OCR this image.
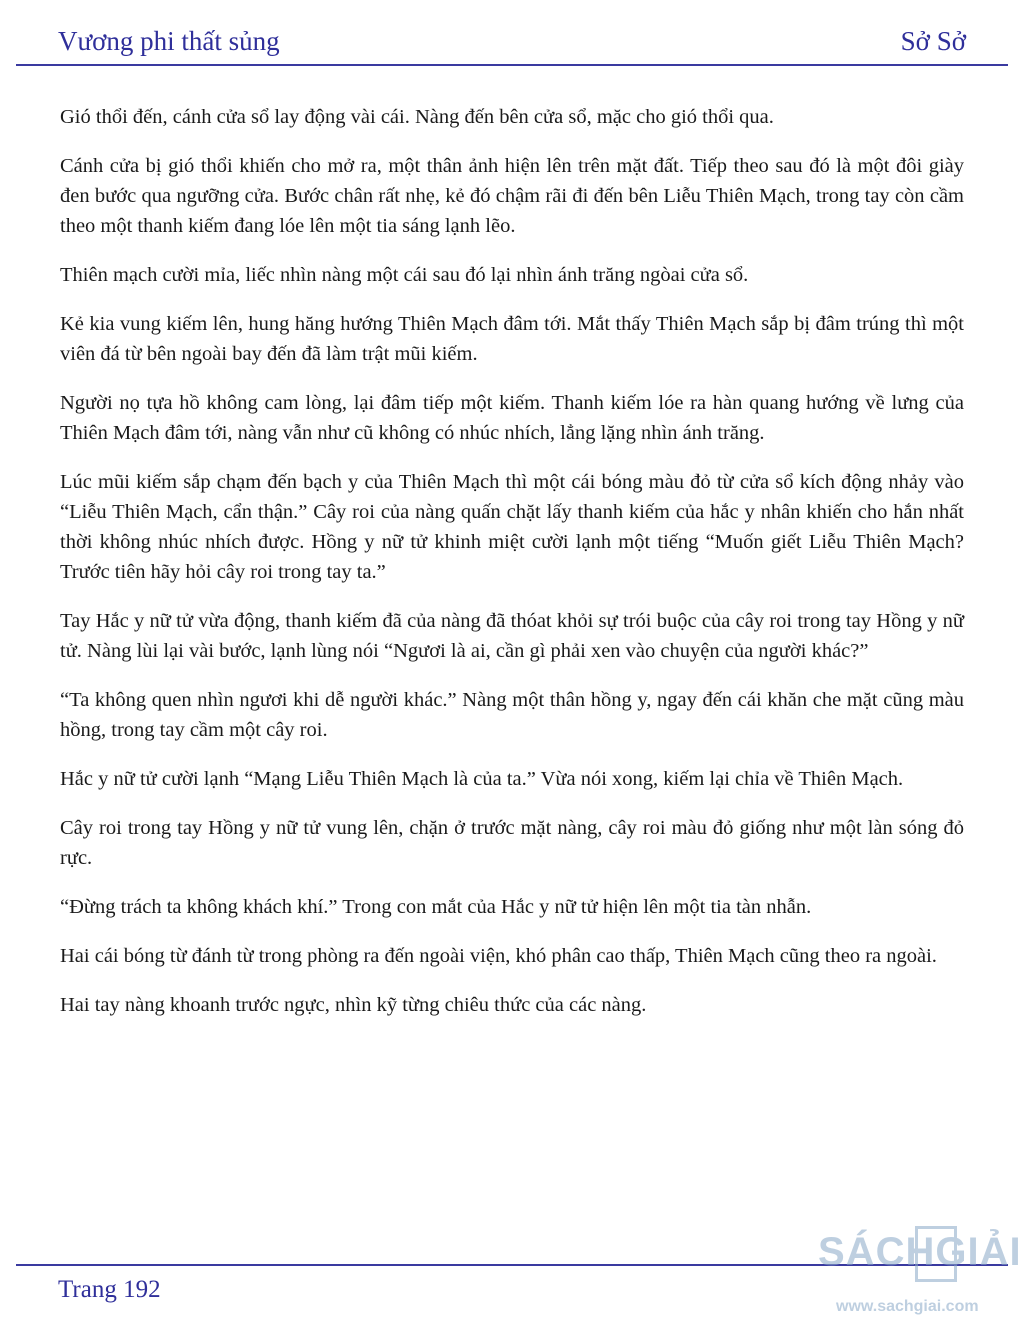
Vương phi thất sủng	Sở Sở

Gió thổi đến, cánh cửa sổ lay động vài cái. Nàng đến bên cửa sổ, mặc cho gió thổi qua.

Cánh cửa bị gió thổi khiến cho mở ra, một thân ảnh hiện lên trên mặt đất. Tiếp theo sau đó là một đôi giày đen bước qua ngưỡng cửa. Bước chân rất nhẹ, kẻ đó chậm rãi đi đến bên Liễu Thiên Mạch, trong tay còn cầm theo một thanh kiếm đang lóe lên một tia sáng lạnh lẽo.

Thiên mạch cười mỉa, liếc nhìn nàng một cái sau đó lại nhìn ánh trăng ngòai cửa sổ.

Kẻ kia vung kiếm lên, hung hăng hướng Thiên Mạch đâm tới. Mắt thấy Thiên Mạch sắp bị đâm trúng thì một viên đá từ bên ngoài bay đến đã làm trật mũi kiếm.

Người nọ tựa hồ không cam lòng, lại đâm tiếp một kiếm. Thanh kiếm lóe ra hàn quang hướng về lưng của Thiên Mạch đâm tới, nàng vẫn như cũ không có nhúc nhích, lẳng lặng nhìn ánh trăng.

Lúc mũi kiếm sắp chạm đến bạch y của Thiên Mạch thì một cái bóng màu đỏ từ cửa sổ kích động nhảy vào “Liễu Thiên Mạch, cẩn thận.” Cây roi của nàng quấn chặt lấy thanh kiếm của hắc y nhân khiến cho hắn nhất thời không nhúc nhích được. Hồng y nữ tử khinh miệt cười lạnh một tiếng “Muốn giết Liễu Thiên Mạch? Trước tiên hãy hỏi cây roi trong tay ta.”

Tay Hắc y nữ tử vừa động, thanh kiếm đã của nàng đã thóat khỏi sự trói buộc của cây roi trong tay Hồng y nữ tử. Nàng lùi lại vài bước, lạnh lùng nói “Ngươi là ai, cần gì phải xen vào chuyện của người khác?”

“Ta không quen nhìn ngươi khi dễ người khác.” Nàng một thân hồng y, ngay đến cái khăn che mặt cũng màu hồng, trong tay cầm một cây roi.

Hắc y nữ tử cười lạnh “Mạng Liễu Thiên Mạch là của ta.” Vừa nói xong, kiếm lại chỉa về Thiên Mạch.

Cây roi trong tay Hồng y nữ tử vung lên, chặn ở trước mặt nàng, cây roi màu đỏ giống như một làn sóng đỏ rực.

“Đừng trách ta không khách khí.” Trong con mắt của Hắc y nữ tử hiện lên một tia tàn nhẫn.

Hai cái bóng từ đánh từ trong phòng ra đến ngoài viện, khó phân cao thấp, Thiên Mạch cũng theo ra ngoài.

Hai tay nàng khoanh trước ngực, nhìn kỹ từng chiêu thức của các nàng.

Trang 192
SÁCHGIẢI
www.sachgiai.com
